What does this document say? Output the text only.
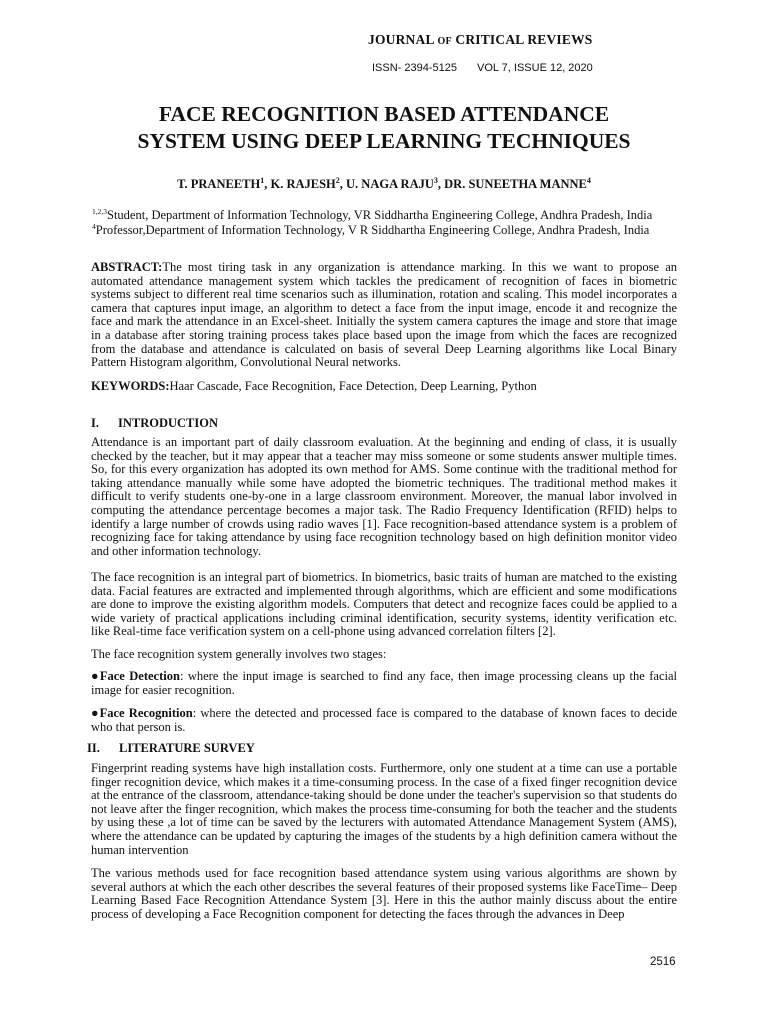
JOURNAL OF CRITICAL REVIEWS
ISSN- 2394-5125 VOL 7, ISSUE 12, 2020
FACE RECOGNITION BASED ATTENDANCE
SYSTEM USING DEEP LEARNING TECHNIQUES
T. PRANEETH$^1$, K. RAJESH$^2$, U. NAGA RAJU$^3$, DR. SUNEETHA MANNE$^4$
$^{1,2,3}$Student, Department of Information Technology, VR Siddhartha Engineering College, Andhra Pradesh, India
$^4$Professor,Department of Information Technology, V R Siddhartha Engineering College, Andhra Pradesh, India
ABSTRACT:The most tiring task in any organization is attendance marking. In this we want to propose an automated attendance management system which tackles the predicament of recognition of faces in biometric systems subject to different real time scenarios such as illumination, rotation and scaling. This model incorporates a camera that captures input image, an algorithm to detect a face from the input image, encode it and recognize the face and mark the attendance in an Excel-sheet. Initially the system camera captures the image and store that image in a database after storing training process takes place based upon the image from which the faces are recognized from the database and attendance is calculated on basis of several Deep Learning algorithms like Local Binary Pattern Histogram algorithm, Convolutional Neural networks.
KEYWORDS:Haar Cascade, Face Recognition, Face Detection, Deep Learning, Python
I. INTRODUCTION
Attendance is an important part of daily classroom evaluation. At the beginning and ending of class, it is usually checked by the teacher, but it may appear that a teacher may miss someone or some students answer multiple times. So, for this every organization has adopted its own method for AMS. Some continue with the traditional method for taking attendance manually while some have adopted the biometric techniques. The traditional method makes it difficult to verify students one-by-one in a large classroom environment. Moreover, the manual labor involved in computing the attendance percentage becomes a major task. The Radio Frequency Identification (RFID) helps to identify a large number of crowds using radio waves [1]. Face recognition-based attendance system is a problem of recognizing face for taking attendance by using face recognition technology based on high definition monitor video and other information technology.
The face recognition is an integral part of biometrics. In biometrics, basic traits of human are matched to the existing data. Facial features are extracted and implemented through algorithms, which are efficient and some modifications are done to improve the existing algorithm models. Computers that detect and recognize faces could be applied to a wide variety of practical applications including criminal identification, security systems, identity verification etc. like Real-time face verification system on a cell-phone using advanced correlation filters [2].
The face recognition system generally involves two stages:
●Face Detection: where the input image is searched to find any face, then image processing cleans up the facial image for easier recognition.
●Face Recognition: where the detected and processed face is compared to the database of known faces to decide who that person is.
II. LITERATURE SURVEY
Fingerprint reading systems have high installation costs. Furthermore, only one student at a time can use a portable finger recognition device, which makes it a time-consuming process. In the case of a fixed finger recognition device at the entrance of the classroom, attendance-taking should be done under the teacher's supervision so that students do not leave after the finger recognition, which makes the process time-consuming for both the teacher and the students by using these ,a lot of time can be saved by the lecturers with automated Attendance Management System (AMS), where the attendance can be updated by capturing the images of the students by a high definition camera without the human intervention
The various methods used for face recognition based attendance system using various algorithms are shown by several authors at which the each other describes the several features of their proposed systems like FaceTime– Deep Learning Based Face Recognition Attendance System [3]. Here in this the author mainly discuss about the entire process of developing a Face Recognition component for detecting the faces through the advances in Deep
2516
